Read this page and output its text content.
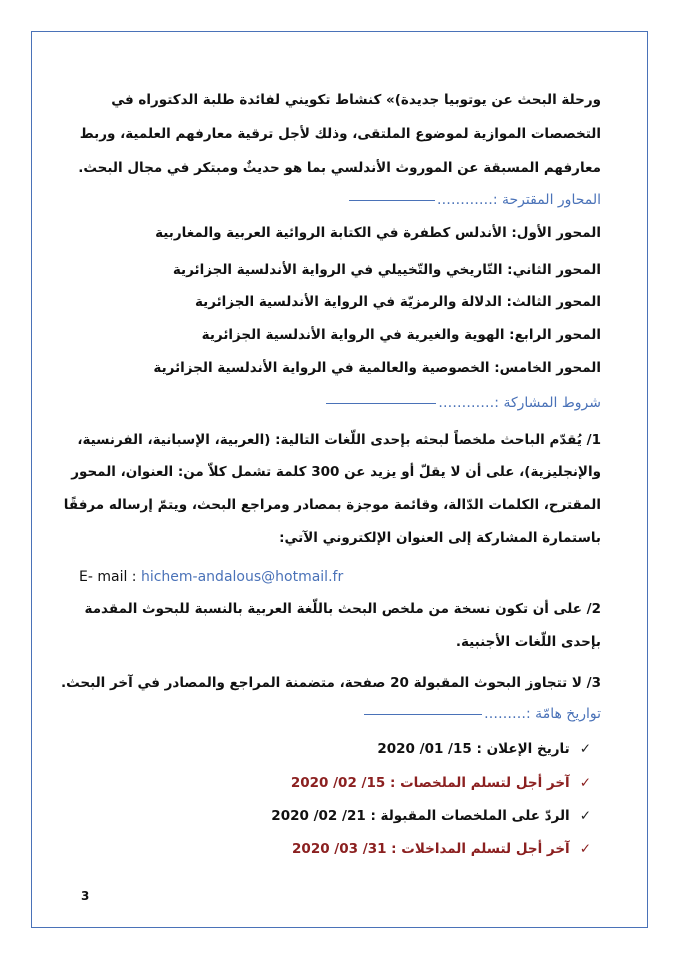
ورحلة البحث عن يوتوبيا جديدة)» كنشاط تكويني لفائدة طلبة الدكتوراه في
التخصصات الموازية لموضوع الملتقى، وذلك لأجل ترقية معارفهم العلمية، وربط
معارفهم المسبقة عن الموروث الأندلسي بما هو حديثٌ ومبتكر في مجال البحث.
المحاور المقترحة :…………
المحور الأول: الأندلس كطفرة في الكتابة الروائية العربية والمغاربية
المحور الثاني: التّاريخي والتّخييلي في الرواية الأندلسية الجزائرية
المحور الثالث: الدلالة والرمزيّة في الرواية الأندلسية الجزائرية
المحور الرابع: الهوية والغيرية في الرواية الأندلسية الجزائرية
المحور الخامس: الخصوصية والعالمية في الرواية الأندلسية الجزائرية
شروط المشاركة :…………
1/ يُقدّم الباحث ملخصاً لبحثه بإحدى اللّغات التالية: (العربية، الإسبانية، الفرنسية،
والإنجليزية)، على أن لا يقلّ أو يزيد عن 300 كلمة تشمل كلاّ من: العنوان، المحور
المقترح، الكلمات الدّالة، وقائمة موجزة بمصادر ومراجع البحث، ويتمّ إرساله مرفقًا
باستمارة المشاركة إلى العنوان الإلكتروني الآتي:
E- mail : hichem-andalous@hotmail.fr
2/ على أن تكون نسخة من ملخص البحث باللّغة العربية بالنسبة للبحوث المقدمة
بإحدى اللّغات الأجنبية.
3/ لا تتجاوز البحوث المقبولة 20 صفحة، متضمنة المراجع والمصادر في آخر البحث.
تواريخ هامّة :………
✓تاريخ الإعلان : 15/ 01/ 2020
✓آخر أجل لتسلم الملخصات : 15/ 02/ 2020
✓الردّ على الملخصات المقبولة : 21/ 02/ 2020
✓آخر أجل لتسلم المداخلات : 31/ 03/ 2020
3
